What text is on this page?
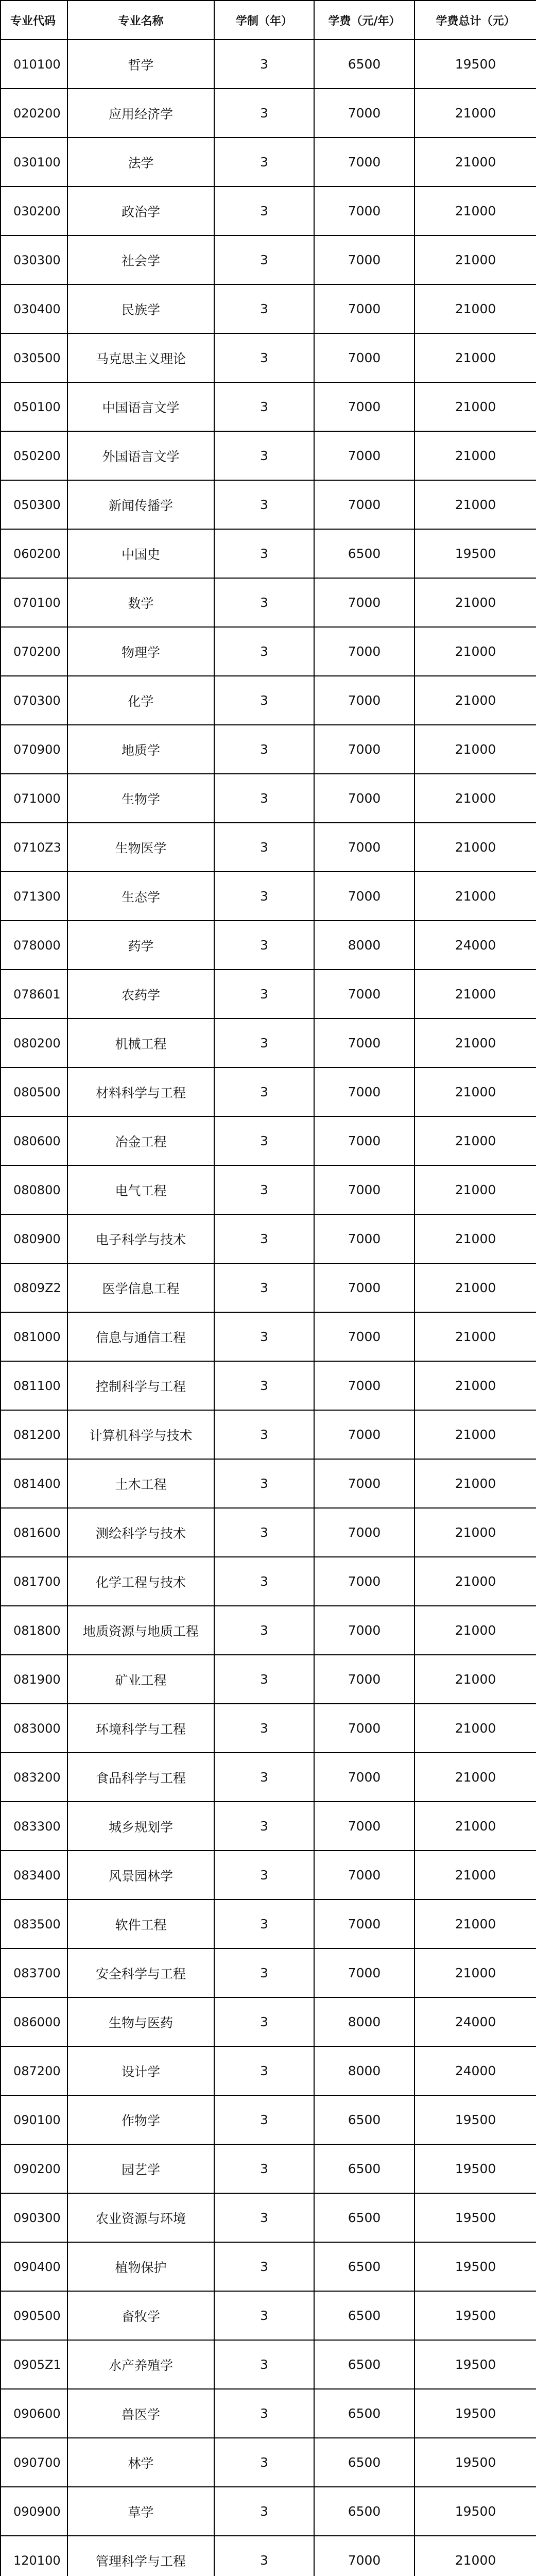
专业代码	专业名称	学制（年）	学费（元/年）	学费总计（元）
010100	哲学	3	6500	19500
020200	应用经济学	3	7000	21000
030100	法学	3	7000	21000
030200	政治学	3	7000	21000
030300	社会学	3	7000	21000
030400	民族学	3	7000	21000
030500	马克思主义理论	3	7000	21000
050100	中国语言文学	3	7000	21000
050200	外国语言文学	3	7000	21000
050300	新闻传播学	3	7000	21000
060200	中国史	3	6500	19500
070100	数学	3	7000	21000
070200	物理学	3	7000	21000
070300	化学	3	7000	21000
070900	地质学	3	7000	21000
071000	生物学	3	7000	21000
0710Z3	生物医学	3	7000	21000
071300	生态学	3	7000	21000
078000	药学	3	8000	24000
078601	农药学	3	7000	21000
080200	机械工程	3	7000	21000
080500	材料科学与工程	3	7000	21000
080600	冶金工程	3	7000	21000
080800	电气工程	3	7000	21000
080900	电子科学与技术	3	7000	21000
0809Z2	医学信息工程	3	7000	21000
081000	信息与通信工程	3	7000	21000
081100	控制科学与工程	3	7000	21000
081200	计算机科学与技术	3	7000	21000
081400	土木工程	3	7000	21000
081600	测绘科学与技术	3	7000	21000
081700	化学工程与技术	3	7000	21000
081800	地质资源与地质工程	3	7000	21000
081900	矿业工程	3	7000	21000
083000	环境科学与工程	3	7000	21000
083200	食品科学与工程	3	7000	21000
083300	城乡规划学	3	7000	21000
083400	风景园林学	3	7000	21000
083500	软件工程	3	7000	21000
083700	安全科学与工程	3	7000	21000
086000	生物与医药	3	8000	24000
087200	设计学	3	8000	24000
090100	作物学	3	6500	19500
090200	园艺学	3	6500	19500
090300	农业资源与环境	3	6500	19500
090400	植物保护	3	6500	19500
090500	畜牧学	3	6500	19500
0905Z1	水产养殖学	3	6500	19500
090600	兽医学	3	6500	19500
090700	林学	3	6500	19500
090900	草学	3	6500	19500
120100	管理科学与工程	3	7000	21000
